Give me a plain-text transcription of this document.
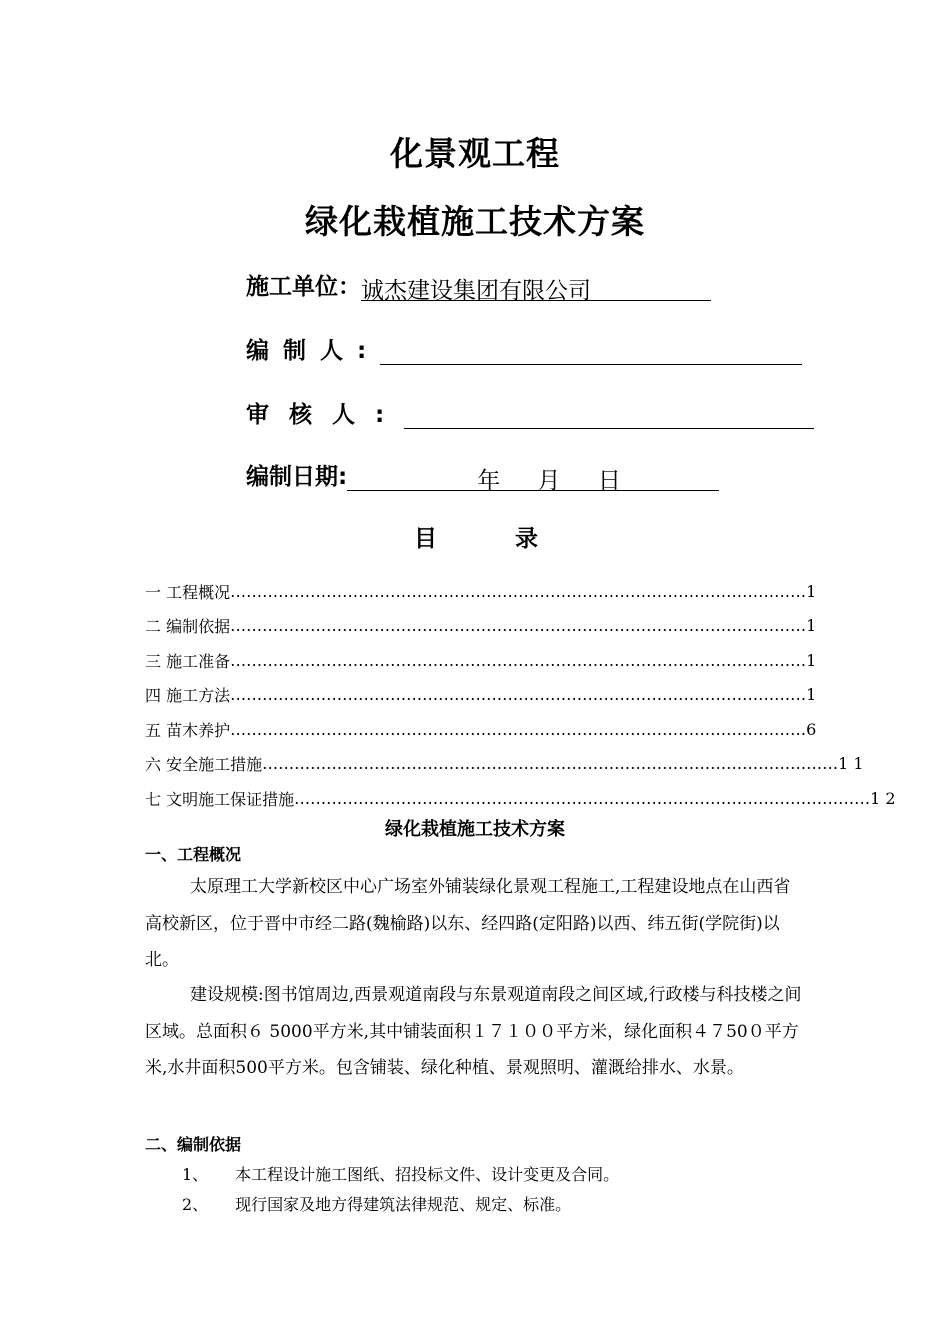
化景观工程
绿化栽植施工技术方案
施工单位： 诚杰建设集团有限公司
编制人:
审核人:
编制日期:	年 月 日
目	录
一 工程概况 ……………………………………………………………………………………………… 1
二 编制依据 ……………………………………………………………………………………………… 1
三 施工准备 ……………………………………………………………………………………………… 1
四 施工方法 ……………………………………………………………………………………………… 1
五 苗木养护 ……………………………………………………………………………………………… 6
六 安全施工措施 ……………………………………………………………………………………………… 1 1
七 文明施工保证措施 ……………………………………………………………………………………………… 1 2
绿化栽植施工技术方案
一、工程概况
太原理工大学新校区中心广场室外铺装绿化景观工程施工,工程建设地点在山西省高校新区，位于晋中市经二路(魏榆路)以东、经四路(定阳路)以西、纬五街(学院街)以北。
建设规模:图书馆周边,西景观道南段与东景观道南段之间区域,行政楼与科技楼之间区域。总面积６ 5000平方米,其中铺装面积１７１００平方米，绿化面积４７50０平方米,水井面积500平方米。包含铺装、绿化种植、景观照明、灌溉给排水、水景。
二、编制依据
1、 本工程设计施工图纸、招投标文件、设计变更及合同。
2、 现行国家及地方得建筑法律规范、规定、标准。
